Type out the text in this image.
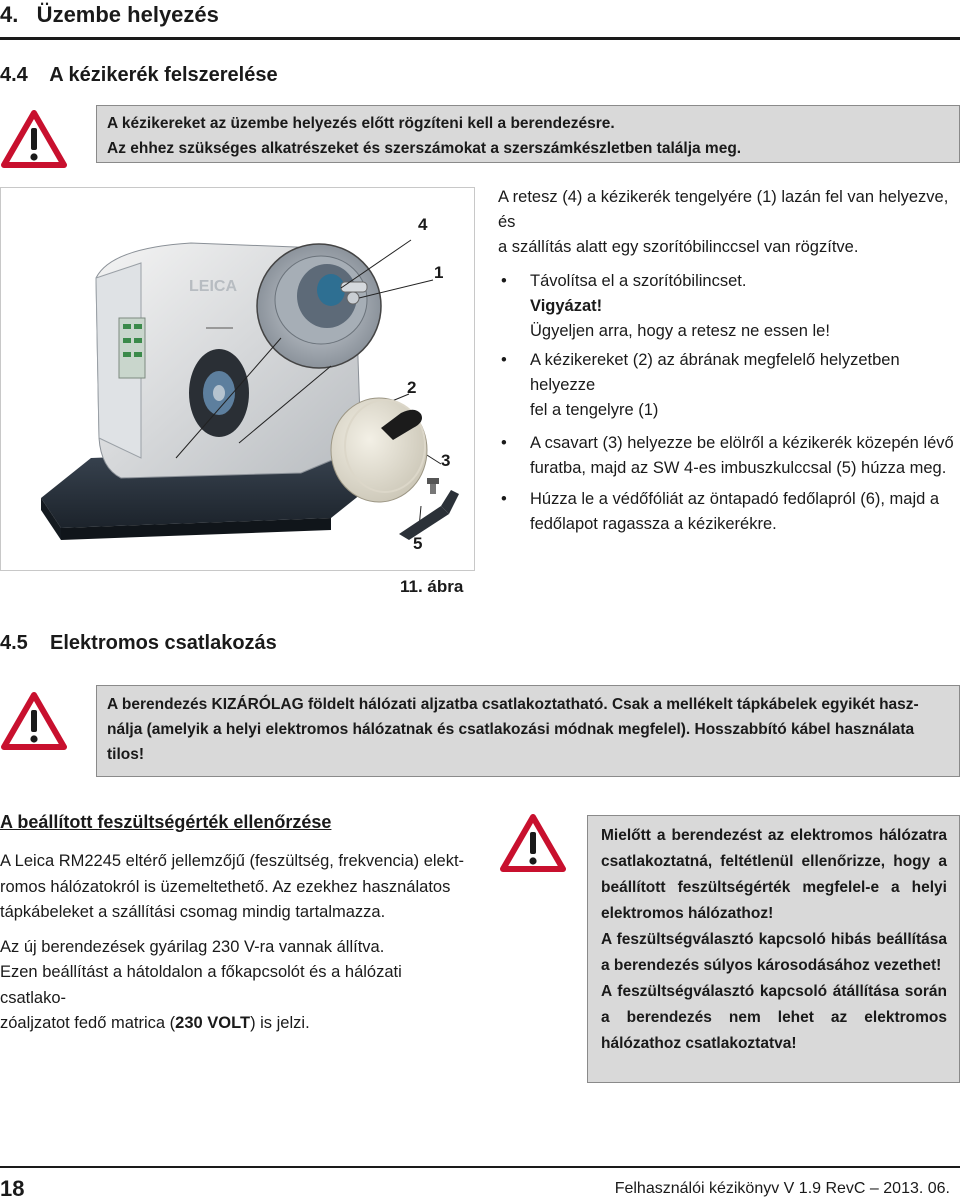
4.   Üzembe helyezés
4.4    A kézikerék felszerelése

A kézikereket az üzembe helyezés előtt rögzíteni kell a berendezésre.

Az ehhez szükséges alkatrészeket és szerszámokat a szerszámkészletben találja meg.

LEICA
4
1
2
3
5
11. ábra

A retesz (4) a kézikerék tengelyére (1) lazán fel van helyezve, és

a szállítás alatt egy szorítóbilinccsel van rögzítve.

• Távolítsa el a szorítóbilincset.

Vigyázat!

Ügyeljen arra, hogy a retesz ne essen le!

• A kézikereket (2) az ábrának megfelelő helyzetben helyezze

fel a tengelyre (1)

• A csavart (3) helyezze be elölről a kézikerék közepén lévő

furatba, majd az SW 4-es imbuszkulccsal (5) húzza meg.

• Húzza le a védőfóliát az öntapadó fedőlapról (6), majd a

fedőlapot ragassza a kézikerékre.

4.5    Elektromos csatlakozás

A berendezés KIZÁRÓLAG földelt hálózati aljzatba csatlakoztatható. Csak a mellékelt tápkábelek egyikét hasz-

nálja (amelyik a helyi elektromos hálózatnak és csatlakozási módnak megfelel). Hosszabbító kábel használata

tilos!

A beállított feszültségérték ellenőrzése

A Leica RM2245 eltérő jellemzőjű (feszültség, frekvencia) elekt-

romos hálózatokról is üzemeltethető. Az ezekhez használatos

tápkábeleket a szállítási csomag mindig tartalmazza.

Az új berendezések gyárilag 230 V-ra vannak állítva.

Ezen beállítást a hátoldalon a főkapcsolót és a hálózati csatlako-

zóaljzatot fedő matrica (230 VOLT) is jelzi.

Mielőtt a berendezést az elektromos hálózatra csatlakoztatná, feltétlenül ellenőrizze, hogy a beállított feszültségérték megfelel-e a helyi elektromos hálózathoz!

A feszültségválasztó kapcsoló hibás beállítása a berendezés súlyos károsodásához vezethet!

A feszültségválasztó kapcsoló átállítása során a berendezés nem lehet az elektromos hálózathoz csatlakoztatva!

18	Felhasználói kézikönyv V 1.9 RevC – 2013. 06.
